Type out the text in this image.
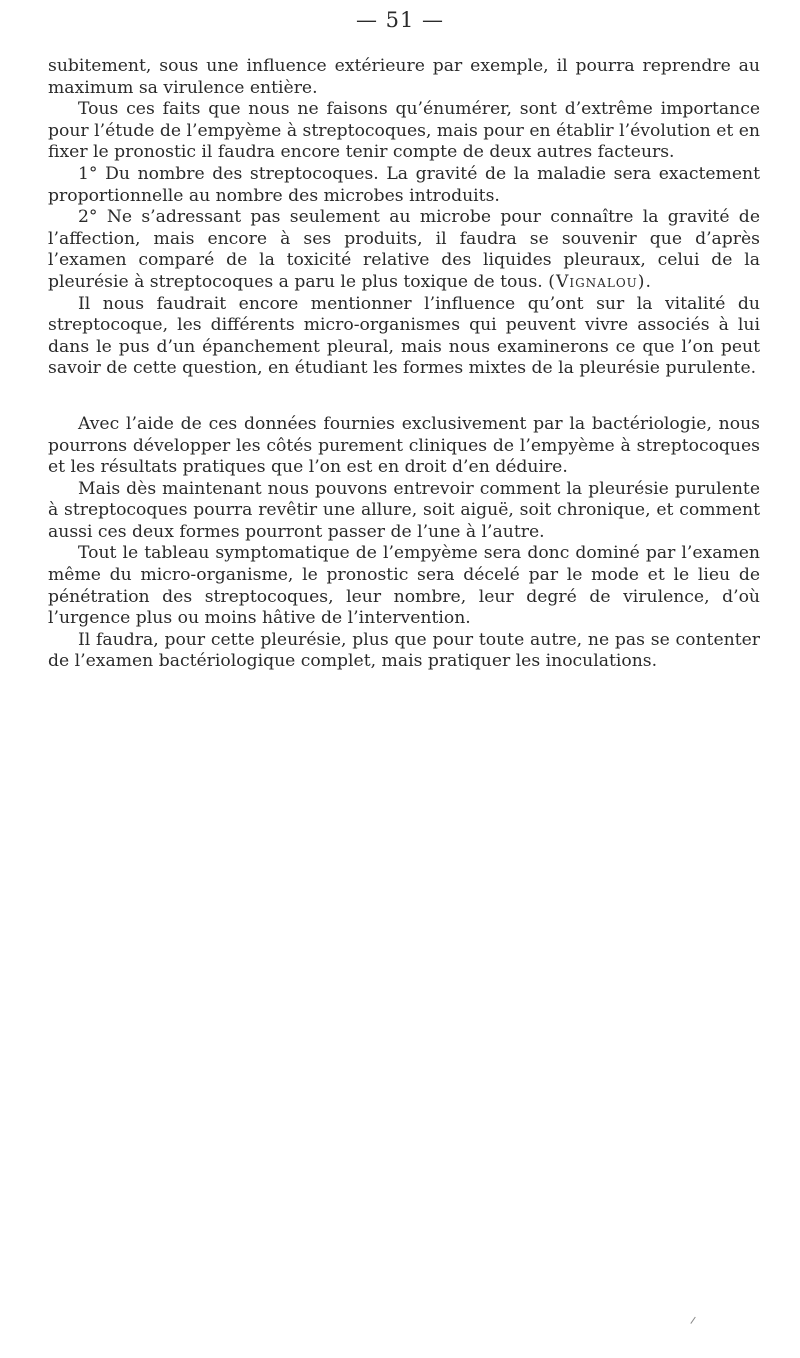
— 51 —

subitement, sous une influence extérieure par exemple, il pourra reprendre au maximum sa virulence entière.

Tous ces faits que nous ne faisons qu’énumérer, sont d’extrême importance pour l’étude de l’empyème à streptocoques, mais pour en établir l’évolution et en fixer le pronostic il faudra encore tenir compte de deux autres facteurs.

1° Du nombre des streptocoques. La gravité de la maladie sera exactement proportionnelle au nombre des microbes introduits.

2° Ne s’adressant pas seulement au microbe pour connaître la gravité de l’affection, mais encore à ses produits, il faudra se souvenir que d’après l’examen comparé de la toxicité relative des liquides pleuraux, celui de la pleurésie à streptocoques a paru le plus toxique de tous. (Vignalou).

Il nous faudrait encore mentionner l’influence qu’ont sur la vitalité du streptocoque, les différents micro-organismes qui peuvent vivre associés à lui dans le pus d’un épanchement pleural, mais nous examinerons ce que l’on peut savoir de cette question, en étudiant les formes mixtes de la pleurésie purulente.

Avec l’aide de ces données fournies exclusivement par la bactériologie, nous pourrons développer les côtés purement cliniques de l’empyème à streptocoques et les résultats pratiques que l’on est en droit d’en déduire.

Mais dès maintenant nous pouvons entrevoir comment la pleurésie purulente à streptocoques pourra revêtir une allure, soit aiguë, soit chronique, et comment aussi ces deux formes pourront passer de l’une à l’autre.

Tout le tableau symptomatique de l’empyème sera donc dominé par l’examen même du micro-organisme, le pronostic sera décelé par le mode et le lieu de pénétration des streptocoques, leur nombre, leur degré de virulence, d’où l’urgence plus ou moins hâtive de l’intervention.

Il faudra, pour cette pleurésie, plus que pour toute autre, ne pas se contenter de l’examen bactériologique complet, mais pratiquer les inoculations.
